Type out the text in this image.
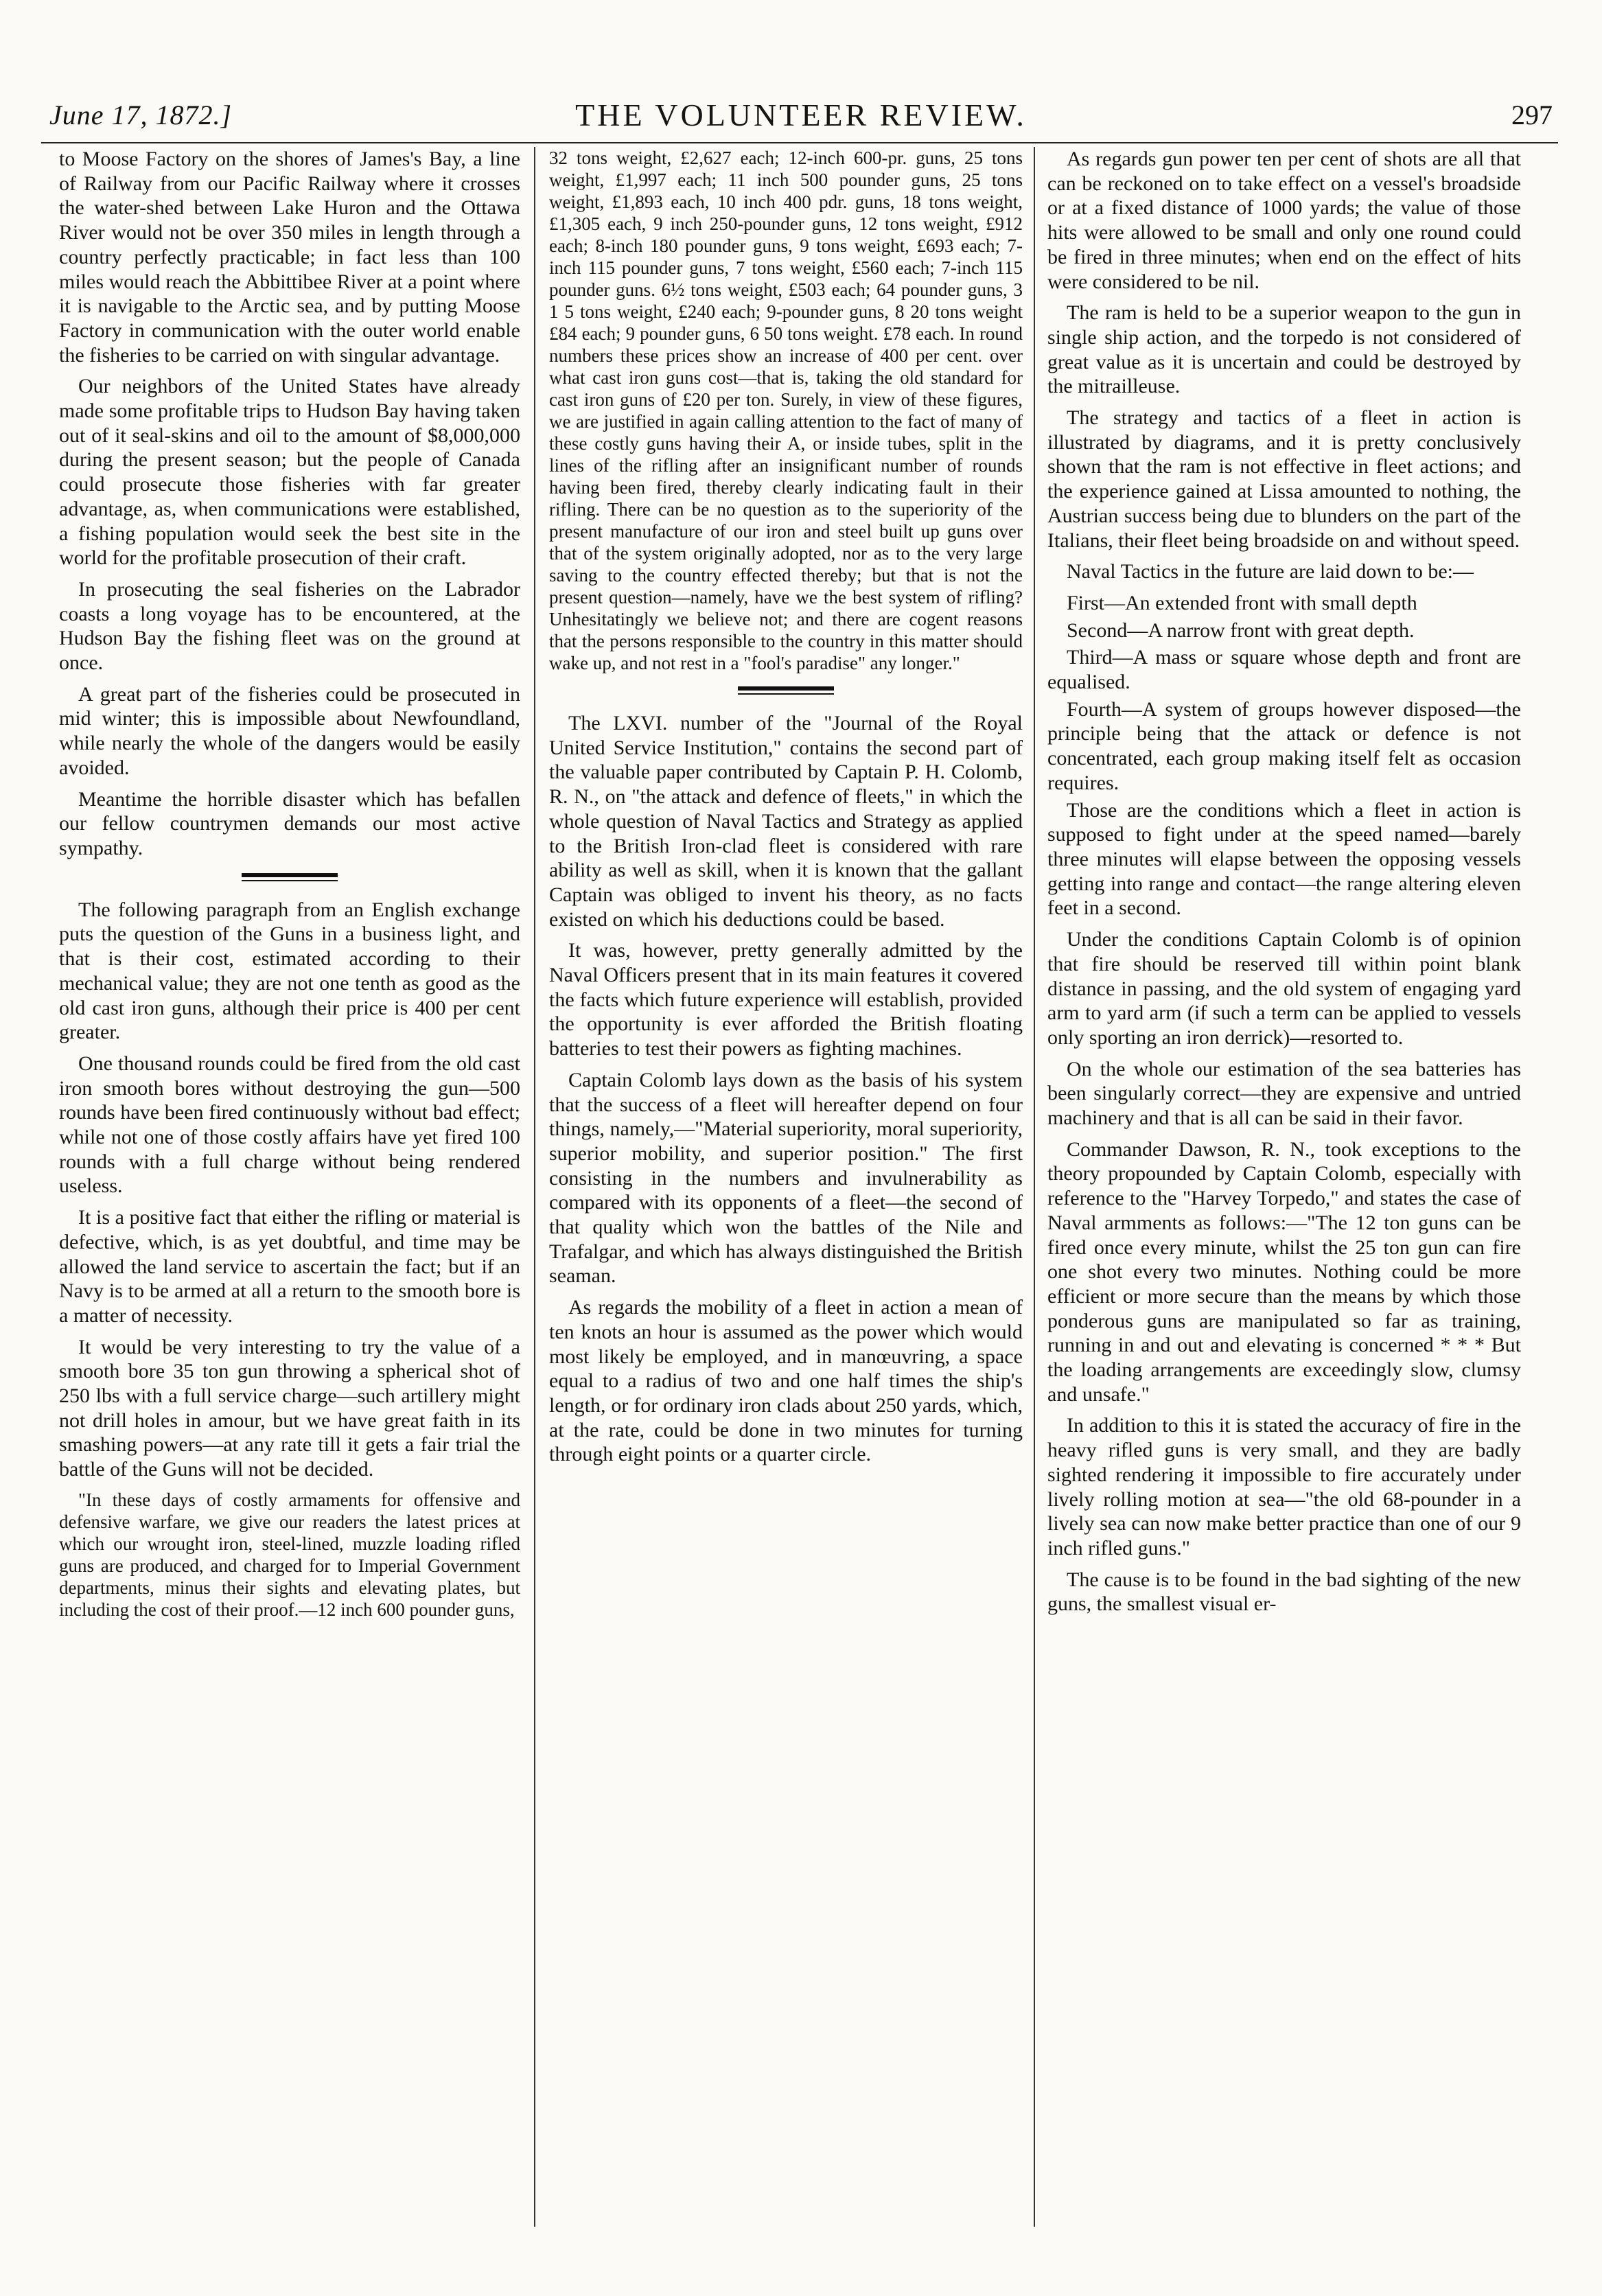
June 17, 1872.]	THE VOLUNTEER REVIEW.	297

to Moose Factory on the shores of James's Bay, a line of Railway from our Pacific Railway where it crosses the water-shed between Lake Huron and the Ottawa River would not be over 350 miles in length through a country perfectly practicable; in fact less than 100 miles would reach the Abbittibee River at a point where it is navigable to the Arctic sea, and by putting Moose Factory in communication with the outer world enable the fisheries to be carried on with singular advantage.

Our neighbors of the United States have already made some profitable trips to Hudson Bay having taken out of it seal-skins and oil to the amount of $8,000,000 during the present season; but the people of Canada could prosecute those fisheries with far greater advantage, as, when communications were established, a fishing population would seek the best site in the world for the profitable prosecution of their craft.

In prosecuting the seal fisheries on the Labrador coasts a long voyage has to be encountered, at the Hudson Bay the fishing fleet was on the ground at once.

A great part of the fisheries could be prosecuted in mid winter; this is impossible about Newfoundland, while nearly the whole of the dangers would be easily avoided.

Meantime the horrible disaster which has befallen our fellow countrymen demands our most active sympathy.

The following paragraph from an English exchange puts the question of the Guns in a business light, and that is their cost, estimated according to their mechanical value; they are not one tenth as good as the old cast iron guns, although their price is 400 per cent greater.

One thousand rounds could be fired from the old cast iron smooth bores without destroying the gun—500 rounds have been fired continuously without bad effect; while not one of those costly affairs have yet fired 100 rounds with a full charge without being rendered useless.

It is a positive fact that either the rifling or material is defective, which, is as yet doubtful, and time may be allowed the land service to ascertain the fact; but if an Navy is to be armed at all a return to the smooth bore is a matter of necessity.

It would be very interesting to try the value of a smooth bore 35 ton gun throwing a spherical shot of 250 lbs with a full service charge—such artillery might not drill holes in amour, but we have great faith in its smashing powers—at any rate till it gets a fair trial the battle of the Guns will not be decided.

"In these days of costly armaments for offensive and defensive warfare, we give our readers the latest prices at which our wrought iron, steel-lined, muzzle loading rifled guns are produced, and charged for to Imperial Government departments, minus their sights and elevating plates, but including the cost of their proof.—12 inch 600 pounder guns,

32 tons weight, £2,627 each; 12-inch 600-pr. guns, 25 tons weight, £1,997 each; 11 inch 500 pounder guns, 25 tons weight, £1,893 each, 10 inch 400 pdr. guns, 18 tons weight, £1,305 each, 9 inch 250-pounder guns, 12 tons weight, £912 each; 8-inch 180 pounder guns, 9 tons weight, £693 each; 7-inch 115 pounder guns, 7 tons weight, £560 each; 7-inch 115 pounder guns. 6½ tons weight, £503 each; 64 pounder guns, 3 1 5 tons weight, £240 each; 9-pounder guns, 8 20 tons weight £84 each; 9 pounder guns, 6 50 tons weight. £78 each. In round numbers these prices show an increase of 400 per cent. over what cast iron guns cost—that is, taking the old standard for cast iron guns of £20 per ton. Surely, in view of these figures, we are justified in again calling attention to the fact of many of these costly guns having their A, or inside tubes, split in the lines of the rifling after an insignificant number of rounds having been fired, thereby clearly indicating fault in their rifling. There can be no question as to the superiority of the present manufacture of our iron and steel built up guns over that of the system originally adopted, nor as to the very large saving to the country effected thereby; but that is not the present question—namely, have we the best system of rifling? Unhesitatingly we believe not; and there are cogent reasons that the persons responsible to the country in this matter should wake up, and not rest in a "fool's paradise" any longer."

The LXVI. number of the "Journal of the Royal United Service Institution," contains the second part of the valuable paper contributed by Captain P. H. Colomb, R. N., on "the attack and defence of fleets," in which the whole question of Naval Tactics and Strategy as applied to the British Iron-clad fleet is considered with rare ability as well as skill, when it is known that the gallant Captain was obliged to invent his theory, as no facts existed on which his deductions could be based.

It was, however, pretty generally admitted by the Naval Officers present that in its main features it covered the facts which future experience will establish, provided the opportunity is ever afforded the British floating batteries to test their powers as fighting machines.

Captain Colomb lays down as the basis of his system that the success of a fleet will hereafter depend on four things, namely,—"Material superiority, moral superiority, superior mobility, and superior position." The first consisting in the numbers and invulnerability as compared with its opponents of a fleet—the second of that quality which won the battles of the Nile and Trafalgar, and which has always distinguished the British seaman.

As regards the mobility of a fleet in action a mean of ten knots an hour is assumed as the power which would most likely be employed, and in manœuvring, a space equal to a radius of two and one half times the ship's length, or for ordinary iron clads about 250 yards, which, at the rate, could be done in two minutes for turning through eight points or a quarter circle.

As regards gun power ten per cent of shots are all that can be reckoned on to take effect on a vessel's broadside or at a fixed distance of 1000 yards; the value of those hits were allowed to be small and only one round could be fired in three minutes; when end on the effect of hits were considered to be nil.

The ram is held to be a superior weapon to the gun in single ship action, and the torpedo is not considered of great value as it is uncertain and could be destroyed by the mitrailleuse.

The strategy and tactics of a fleet in action is illustrated by diagrams, and it is pretty conclusively shown that the ram is not effective in fleet actions; and the experience gained at Lissa amounted to nothing, the Austrian success being due to blunders on the part of the Italians, their fleet being broadside on and without speed.

Naval Tactics in the future are laid down to be:—

First—An extended front with small depth

Second—A narrow front with great depth.

Third—A mass or square whose depth and front are equalised.

Fourth—A system of groups however disposed—the principle being that the attack or defence is not concentrated, each group making itself felt as occasion requires.

Those are the conditions which a fleet in action is supposed to fight under at the speed named—barely three minutes will elapse between the opposing vessels getting into range and contact—the range altering eleven feet in a second.

Under the conditions Captain Colomb is of opinion that fire should be reserved till within point blank distance in passing, and the old system of engaging yard arm to yard arm (if such a term can be applied to vessels only sporting an iron derrick)—resorted to.

On the whole our estimation of the sea batteries has been singularly correct—they are expensive and untried machinery and that is all can be said in their favor.

Commander Dawson, R. N., took exceptions to the theory propounded by Captain Colomb, especially with reference to the "Harvey Torpedo," and states the case of Naval armments as follows:—"The 12 ton guns can be fired once every minute, whilst the 25 ton gun can fire one shot every two minutes. Nothing could be more efficient or more secure than the means by which those ponderous guns are manipulated so far as training, running in and out and elevating is concerned * * * But the loading arrangements are exceedingly slow, clumsy and unsafe."

In addition to this it is stated the accuracy of fire in the heavy rifled guns is very small, and they are badly sighted rendering it impossible to fire accurately under lively rolling motion at sea—"the old 68-pounder in a lively sea can now make better practice than one of our 9 inch rifled guns."

The cause is to be found in the bad sighting of the new guns, the smallest visual er-
